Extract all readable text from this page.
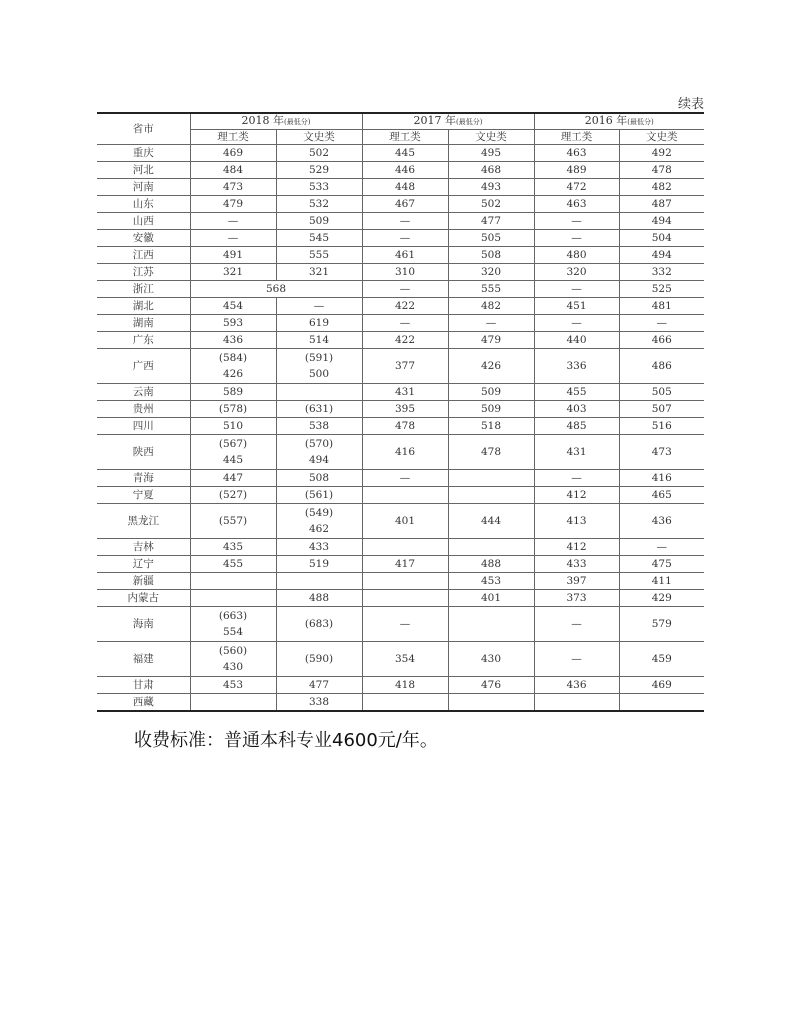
续表
省市	2018 年(最低分)		2017 年(最低分)		2016 年(最低分)	
	理工类	文史类	理工类	文史类	理工类	文史类
重庆	469	502	445	495	463	492

河北	484	529	446	468	489	478

河南	473	533	448	493	472	482

山东	479	532	467	502	463	487

山西	—	509	—	477	—	494

安徽	—	545	—	505	—	504

江西	491	555	461	508	480	494

江苏	321	321	310	320	320	332

浙江	568		—	555	—	525

湖北	454	—	422	482	451	481

湖南	593	619	—	—	—	—

广东	436	514	422	479	440	466

广西	(584)
426	(591)
500	377	426	336	486

云南	589		431	509	455	505

贵州	(578)	(631)	395	509	403	507

四川	510	538	478	518	485	516

陕西	(567)
445	(570)
494	416	478	431	473

青海	447	508	—		—	416

宁夏	(527)	(561)			412	465

黑龙江	(557)	(549)
462	401	444	413	436

吉林	435	433			412	—

辽宁	455	519	417	488	433	475

新疆				453	397	411

内蒙古		488		401	373	429

海南	(663)
554	(683)	—		—	579

福建	(560)
430	(590)	354	430	—	459

甘肃	453	477	418	476	436	469

西藏		338				

收费标准：普通本科专业4600元/年。
